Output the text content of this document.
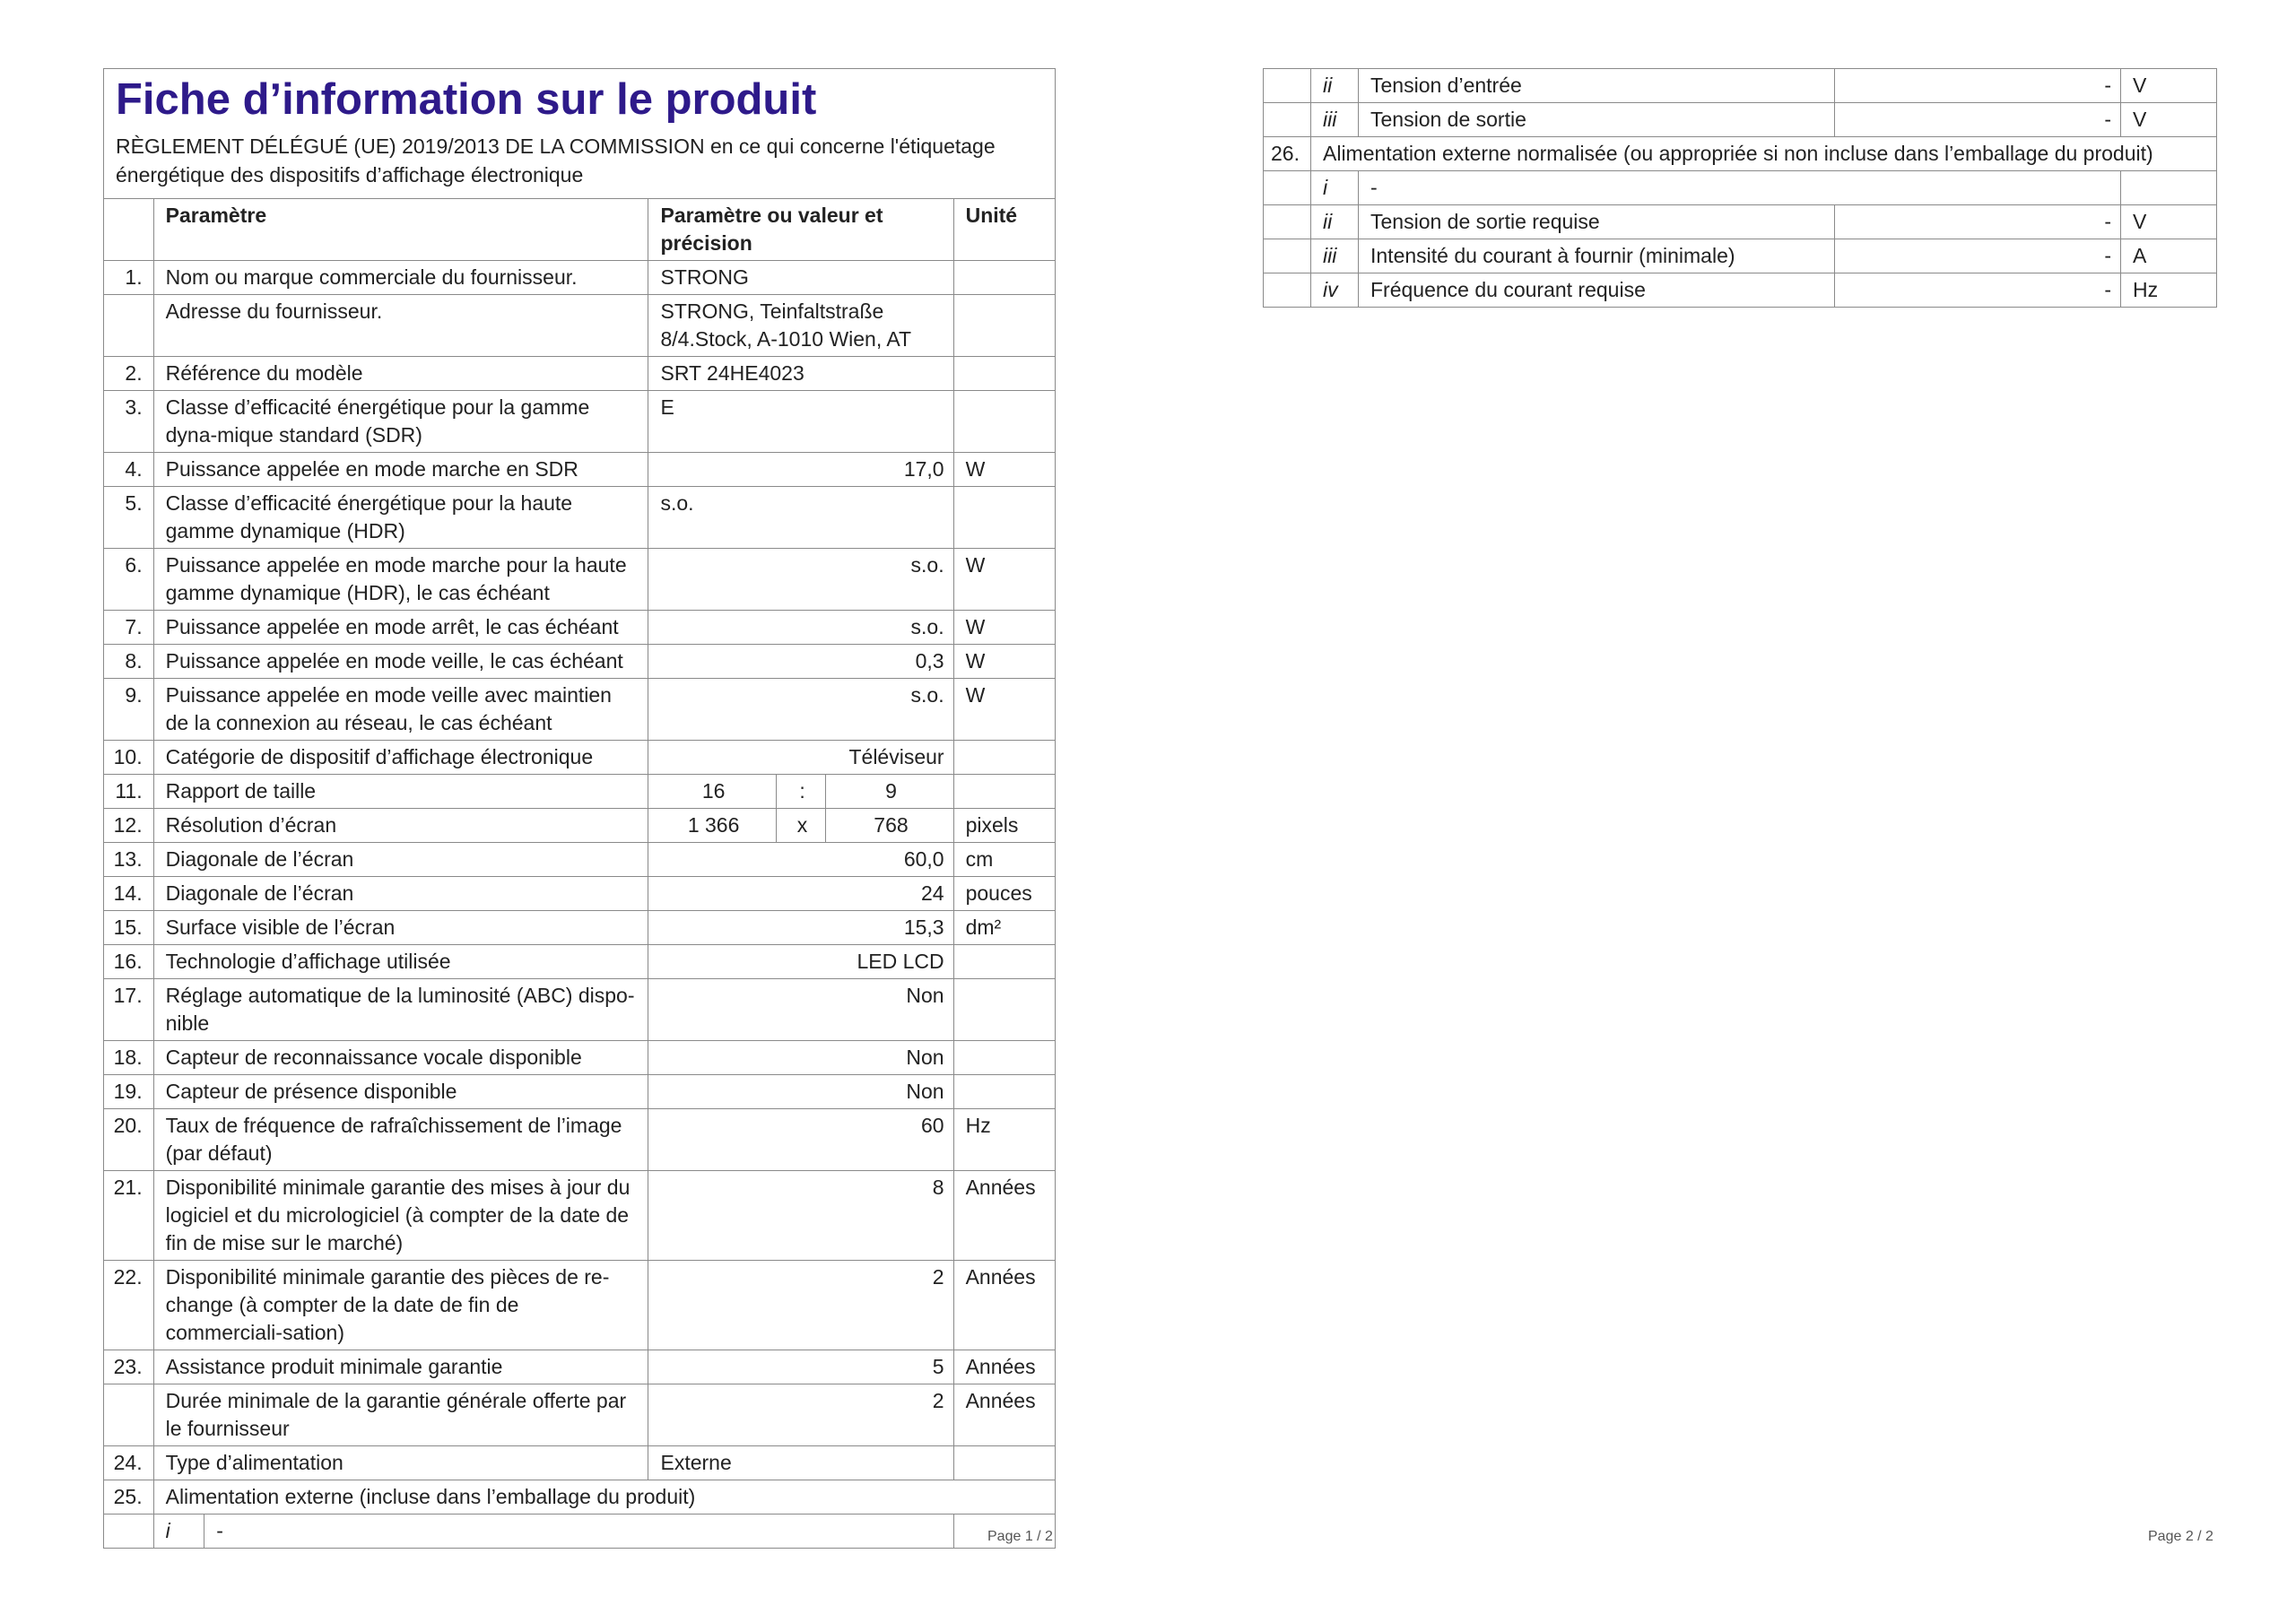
Fiche d’information sur le produit
RÈGLEMENT DÉLÉGUÉ (UE) 2019/2013 DE LA COMMISSION en ce qui concerne l'étiquetage énergétique des dispositifs d’affichage électronique						

	Paramètre		Paramètre ou valeur et précision			Unité
1.	Nom ou marque commerciale du fournisseur.		STRONG			
	Adresse du fournisseur.		STRONG, Teinfaltstraße 8/4.Stock, A-1010 Wien, AT			
2.	Référence du modèle		SRT 24HE4023			
3.	Classe d’efficacité énergétique pour la gamme dyna-mique standard (SDR)		E			
4.	Puissance appelée en mode marche en SDR		17,0			W
5.	Classe d’efficacité énergétique pour la haute gamme dynamique (HDR)		s.o.			
6.	Puissance appelée en mode marche pour la haute gamme dynamique (HDR), le cas échéant		s.o.			W
7.	Puissance appelée en mode arrêt, le cas échéant		s.o.			W
8.	Puissance appelée en mode veille, le cas échéant		0,3			W
9.	Puissance appelée en mode veille avec maintien de la connexion au réseau, le cas échéant		s.o.			W
10.	Catégorie de dispositif d’affichage électronique		Téléviseur			
11.	Rapport de taille		16	:	9	
12.	Résolution d’écran		1 366	x	768	pixels
13.	Diagonale de l’écran		60,0			cm
14.	Diagonale de l’écran		24			pouces
15.	Surface visible de l’écran		15,3			dm²
16.	Technologie d’affichage utilisée		LED LCD			
17.	Réglage automatique de la luminosité (ABC) dispo-nible		Non			
18.	Capteur de reconnaissance vocale disponible		Non			
19.	Capteur de présence disponible		Non			
20.	Taux de fréquence de rafraîchissement de l’image (par défaut)		60			Hz
21.	Disponibilité minimale garantie des mises à jour du logiciel et du micrologiciel (à compter de la date de fin de mise sur le marché)		8			Années
22.	Disponibilité minimale garantie des pièces de re-change (à compter de la date de fin de commerciali-sation)		2			Années
23.	Assistance produit minimale garantie		5			Années
	Durée minimale de la garantie générale offerte par le fournisseur		2			Années
24.	Type d’alimentation		Externe			
25.	Alimentation externe (incluse dans l’emballage du produit)					
	i	-					Page 1 / 2
	ii	Tension d’entrée	-	V
	iii	Tension de sortie	-	V
26.	Alimentation externe normalisée (ou appropriée si non incluse dans l’emballage du produit)			
	i	-		
	ii	Tension de sortie requise	-	V
	iii	Intensité du courant à fournir (minimale)	-	A
	iv	Fréquence du courant requise	-	Hz
Page 2 / 2
